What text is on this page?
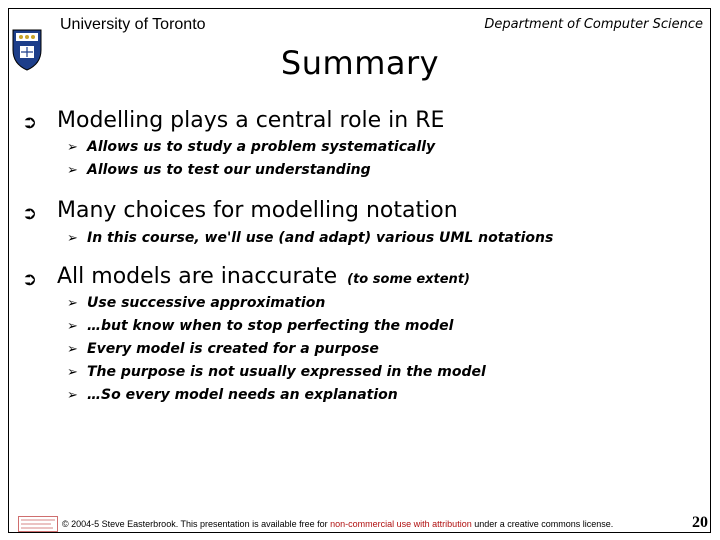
University of Toronto	Department of Computer Science
Summary
➲ Modelling plays a central role in RE
➢ Allows us to study a problem systematically
➢ Allows us to test our understanding
➲ Many choices for modelling notation
➢ In this course, we'll use (and adapt) various UML notations
➲ All models are inaccurate (to some extent)
➢ Use successive approximation
➢ …but know when to stop perfecting the model
➢ Every model is created for a purpose
➢ The purpose is not usually expressed in the model
➢ …So every model needs an explanation
© 2004-5 Steve Easterbrook. This presentation is available free for non-commercial use with attribution under a creative commons license.	20
